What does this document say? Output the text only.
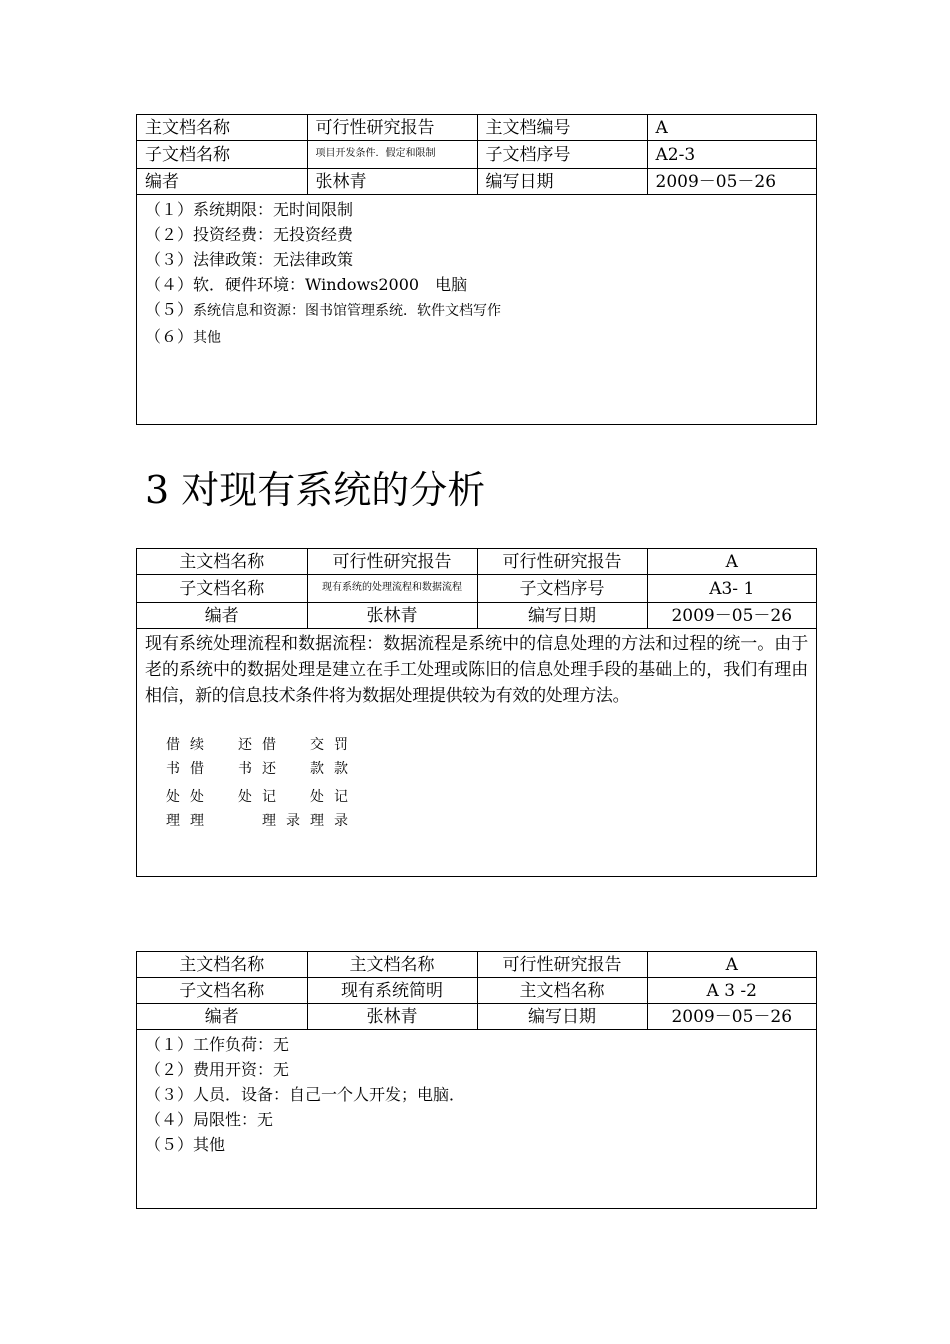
主文档名称	可行性研究报告	主文档编号	A
子文档名称	项目开发条件．假定和限制	子文档序号	A2-3
编者	张林青	编写日期	2009－05－26
（１）系统期限：无时间限制
（２）投资经费：无投资经费
（３）法律政策：无法律政策
（４）软．硬件环境：Windows2000　电脑
（５）系统信息和资源：图书馆管理系统．软件文档写作
（６）其他
3 对现有系统的分析
主文档名称	可行性研究报告	可行性研究报告	A
子文档名称	现有系统的处理流程和数据流程	子文档序号	A3- 1
编者	张林青	编写日期	2009－05－26
现有系统处理流程和数据流程：数据流程是系统中的信息处理的方法和过程的统一。由于老的系统中的数据处理是建立在手工处理或陈旧的信息处理手段的基础上的，我们有理由相信，新的信息技术条件将为数据处理提供较为有效的处理方法。
借 续	还 借	交 罚
书 借	书 还	款 款
处 处	处 记	处 记
理 理	理 录 理 录
主文档名称	主文档名称	可行性研究报告	A
子文档名称	现有系统简明	主文档名称	A 3 -2
编者	张林青	编写日期	2009－05－26
（１）工作负荷：无
（２）费用开资：无
（３）人员．设备：自己一个人开发；电脑．
（４）局限性：无
（５）其他
